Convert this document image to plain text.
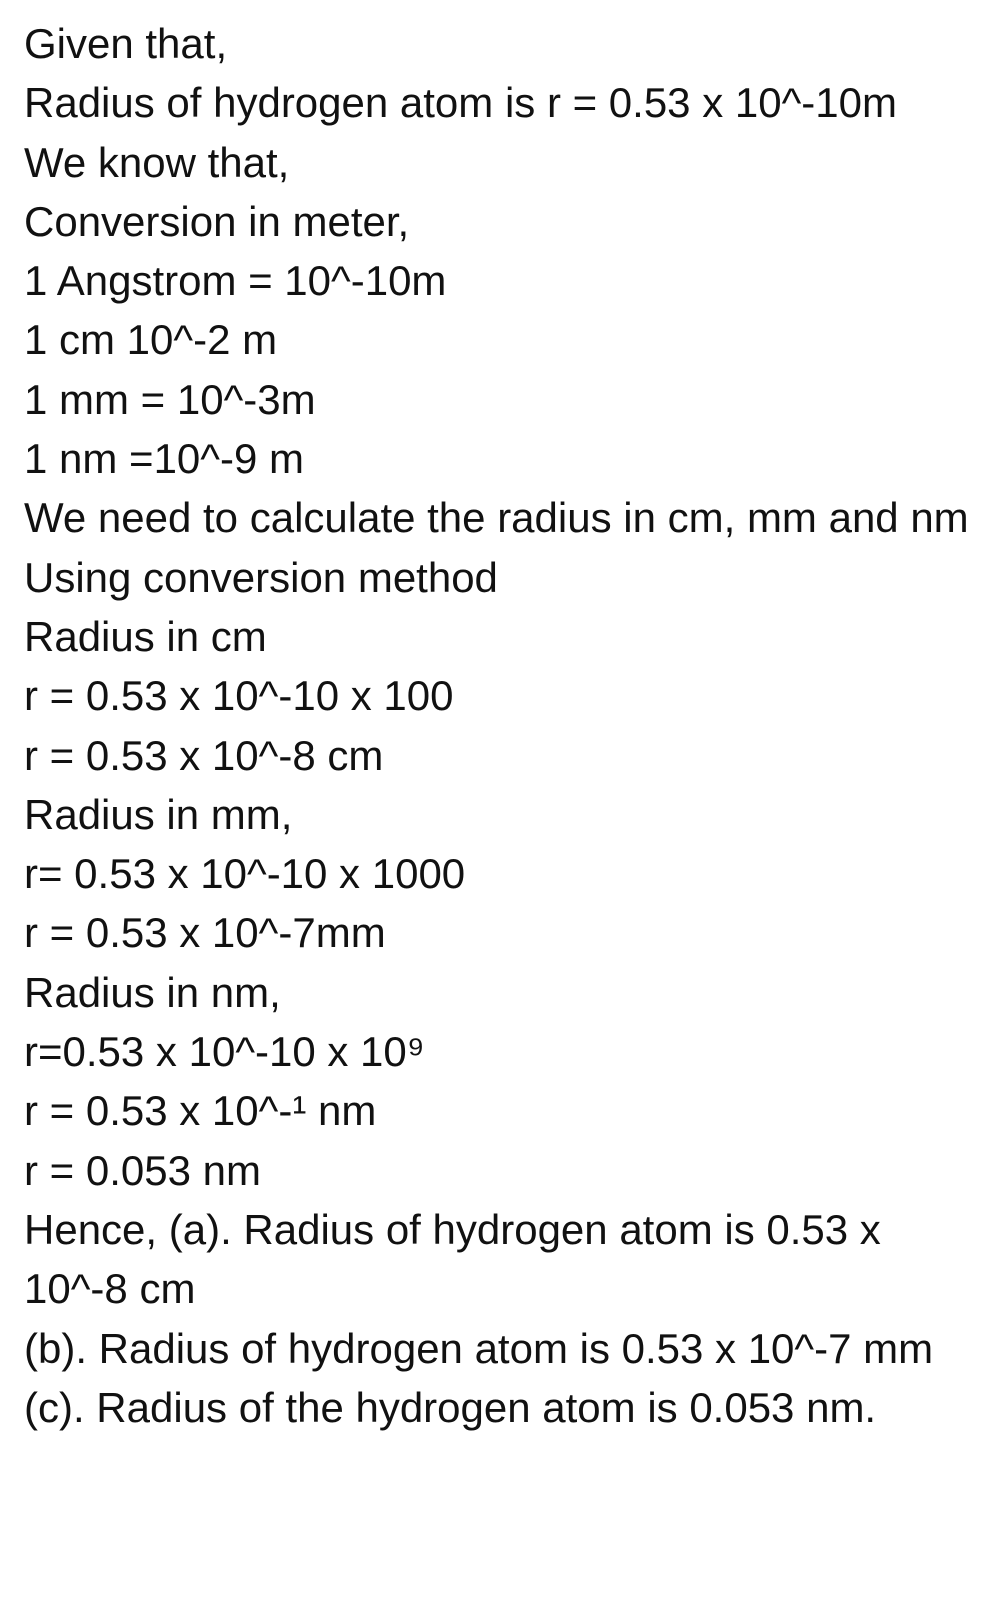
Given that,

Radius of hydrogen atom is r = 0.53 x 10^-10m

We know that,

Conversion in meter,

1 Angstrom = 10^-10m

1 cm 10^-2 m

1 mm = 10^-3m

1 nm =10^-9 m

We need to calculate the radius in cm, mm and nm

Using conversion method

Radius in cm

r = 0.53 x 10^-10 x 100

r = 0.53 x 10^-8 cm

Radius in mm,

r= 0.53 x 10^-10 x 1000

r = 0.53 x 10^-7mm

Radius in nm,

r=0.53 x 10^-10 x 10⁹

r = 0.53 x 10^-¹ nm

r = 0.053 nm

Hence, (a). Radius of hydrogen atom is 0.53 x 10^-8 cm

(b). Radius of hydrogen atom is 0.53 x 10^-7 mm

(c). Radius of the hydrogen atom is 0.053 nm.
